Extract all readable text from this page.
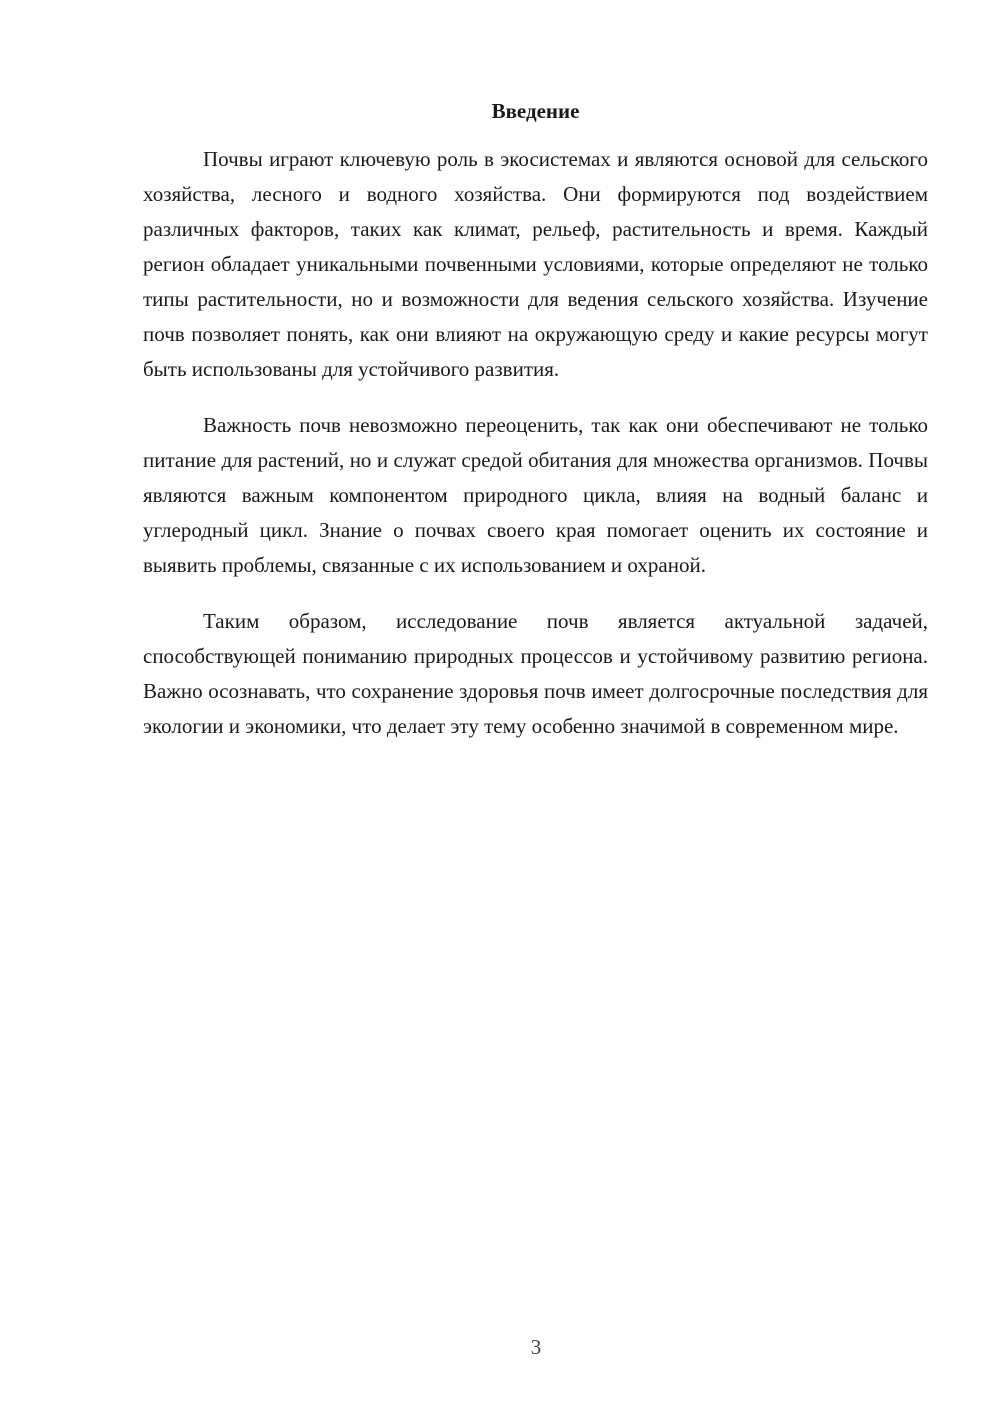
Введение

Почвы играют ключевую роль в экосистемах и являются основой для сельского хозяйства, лесного и водного хозяйства. Они формируются под воздействием различных факторов, таких как климат, рельеф, растительность и время. Каждый регион обладает уникальными почвенными условиями, которые определяют не только типы растительности, но и возможности для ведения сельского хозяйства. Изучение почв позволяет понять, как они влияют на окружающую среду и какие ресурсы могут быть использованы для устойчивого развития.

Важность почв невозможно переоценить, так как они обеспечивают не только питание для растений, но и служат средой обитания для множества организмов. Почвы являются важным компонентом природного цикла, влияя на водный баланс и углеродный цикл. Знание о почвах своего края помогает оценить их состояние и выявить проблемы, связанные с их использованием и охраной.

Таким образом, исследование почв является актуальной задачей, способствующей пониманию природных процессов и устойчивому развитию региона. Важно осознавать, что сохранение здоровья почв имеет долгосрочные последствия для экологии и экономики, что делает эту тему особенно значимой в современном мире.

3
